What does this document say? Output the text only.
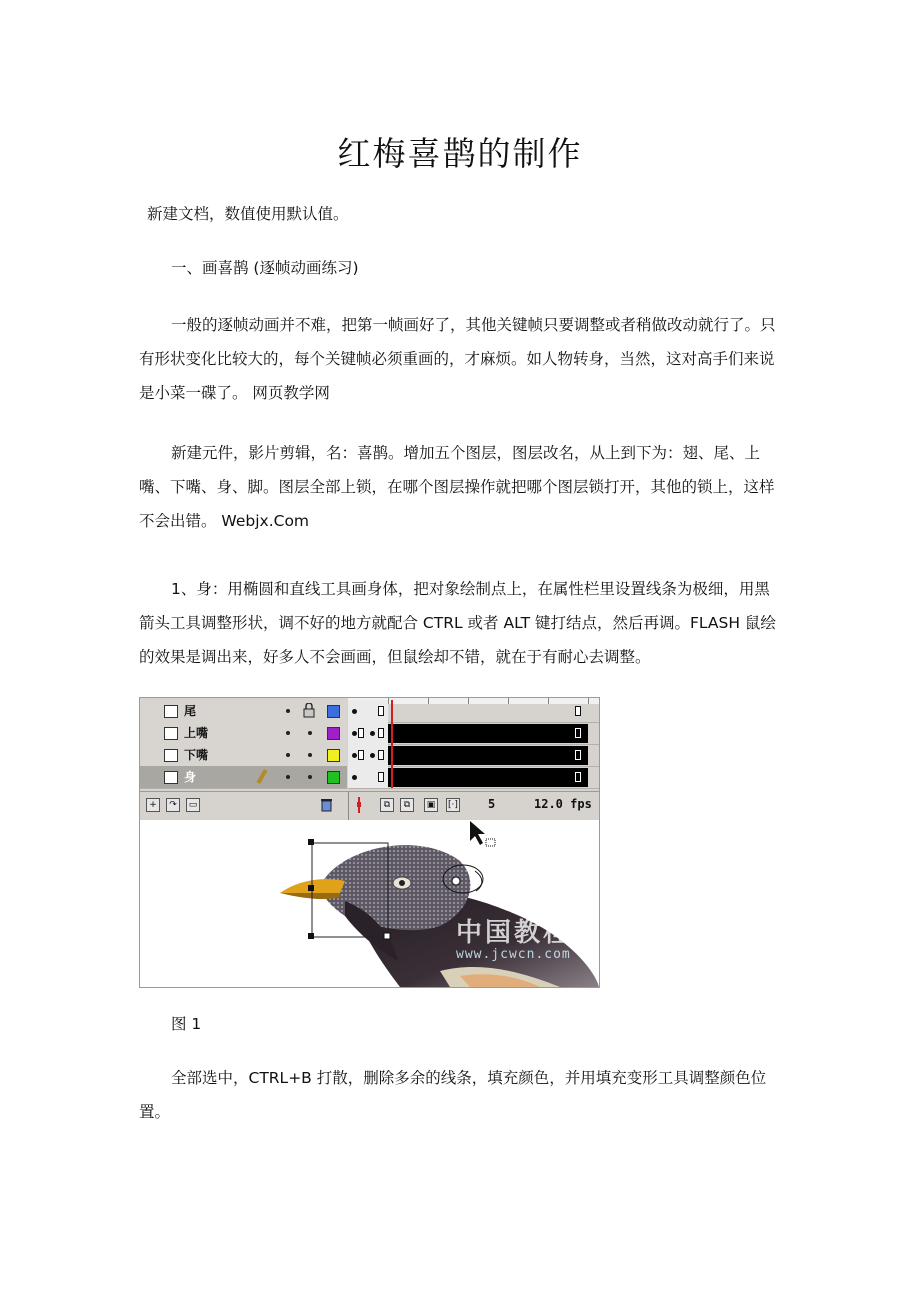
红梅喜鹊的制作
新建文档，数值使用默认值。
一、画喜鹊 (逐帧动画练习)
一般的逐帧动画并不难，把第一帧画好了，其他关键帧只要调整或者稍做改动就行了。只有形状变化比较大的，每个关键帧必须重画的，才麻烦。如人物转身，当然，这对高手们来说是小菜一碟了。 网页教学网
新建元件，影片剪辑，名：喜鹊。增加五个图层，图层改名，从上到下为：翅、尾、上嘴、下嘴、身、脚。图层全部上锁，在哪个图层操作就把哪个图层锁打开，其他的锁上，这样不会出错。 Webjx.Com
1、身：用椭圆和直线工具画身体，把对象绘制点上，在属性栏里设置线条为极细，用黑箭头工具调整形状，调不好的地方就配合 CTRL 或者 ALT 键打结点，然后再调。FLASH 鼠绘的效果是调出来，好多人不会画画，但鼠绘却不错，就在于有耐心去调整。
尾
上嘴
下嘴
身
+	↷	▭	⧉	⧉	▣	[·]	5	12.0 fps
中国教程
www.jcwcn.com
图 1
全部选中，CTRL+B 打散，删除多余的线条，填充颜色，并用填充变形工具调整颜色位置。
